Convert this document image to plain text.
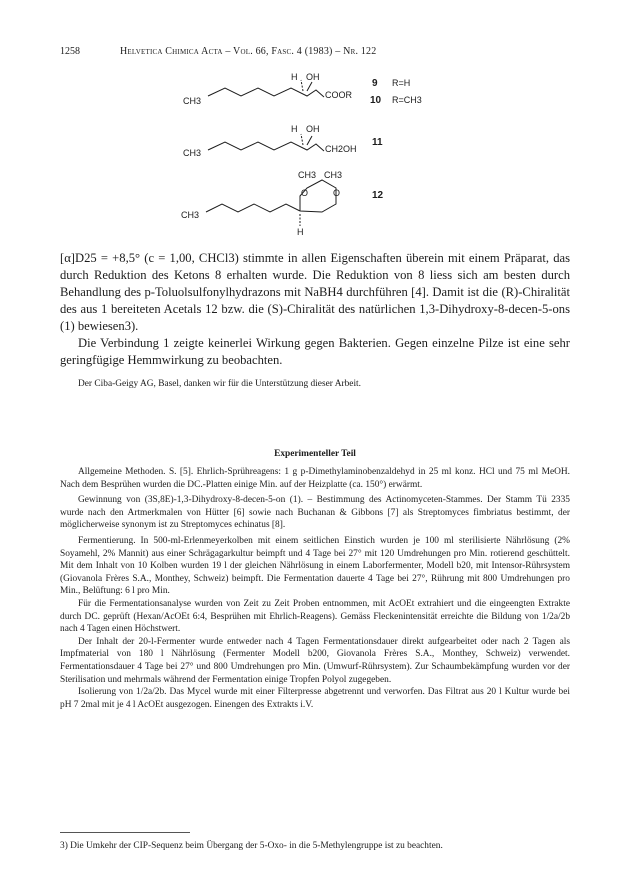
1258	Helvetica Chimica Acta – Vol. 66, Fasc. 4 (1983) – Nr. 122
CH3
H OH
COOR
9 R=H
10 R=CH3
CH3
H OH
CH2OH
11
CH3
CH3 CH3
O	O
H
12

[α]D25 = +8,5° (c = 1,00, CHCl3) stimmte in allen Eigenschaften überein mit einem Präparat, das durch Reduktion des Ketons 8 erhalten wurde. Die Reduktion von 8 liess sich am besten durch Behandlung des p-Toluolsulfonylhydrazons mit NaBH4 durchführen [4]. Damit ist die (R)-Chiralität des aus 1 bereiteten Acetals 12 bzw. die (S)-Chiralität des natürlichen 1,3-Dihydroxy-8-decen-5-ons (1) bewiesen3).

Die Verbindung 1 zeigte keinerlei Wirkung gegen Bakterien. Gegen einzelne Pilze ist eine sehr geringfügige Hemmwirkung zu beobachten.

Der Ciba-Geigy AG, Basel, danken wir für die Unterstützung dieser Arbeit.
Experimenteller Teil

Allgemeine Methoden. S. [5]. Ehrlich-Sprühreagens: 1 g p-Dimethylaminobenzaldehyd in 25 ml konz. HCl und 75 ml MeOH. Nach dem Besprühen wurden die DC.-Platten einige Min. auf der Heizplatte (ca. 150°) erwärmt.

Gewinnung von (3S,8E)-1,3-Dihydroxy-8-decen-5-on (1). – Bestimmung des Actinomyceten-Stammes. Der Stamm Tü 2335 wurde nach den Artmerkmalen von Hütter [6] sowie nach Buchanan & Gibbons [7] als Streptomyces fimbriatus bestimmt, der möglicherweise synonym ist zu Streptomyces echinatus [8].

Fermentierung. In 500-ml-Erlenmeyerkolben mit einem seitlichen Einstich wurden je 100 ml sterilisierte Nährlösung (2% Soyamehl, 2% Mannit) aus einer Schrägagarkultur beimpft und 4 Tage bei 27° mit 120 Umdrehungen pro Min. rotierend geschüttelt. Mit dem Inhalt von 10 Kolben wurden 19 l der gleichen Nährlösung in einem Laborfermenter, Modell b20, mit Intensor-Rührsystem (Giovanola Frères S.A., Monthey, Schweiz) beimpft. Die Fermentation dauerte 4 Tage bei 27°, Rührung mit 800 Umdrehungen pro Min., Belüftung: 6 l pro Min.

Für die Fermentationsanalyse wurden von Zeit zu Zeit Proben entnommen, mit AcOEt extrahiert und die eingeengten Extrakte durch DC. geprüft (Hexan/AcOEt 6:4, Besprühen mit Ehrlich-Reagens). Gemäss Fleckenintensität erreichte die Bildung von 1/2a/2b nach 4 Tagen einen Höchstwert.

Der Inhalt der 20-l-Fermenter wurde entweder nach 4 Tagen Fermentationsdauer direkt aufgearbeitet oder nach 2 Tagen als Impfmaterial von 180 l Nährlösung (Fermenter Modell b200, Giovanola Frères S.A., Monthey, Schweiz) verwendet. Fermentationsdauer 4 Tage bei 27° und 800 Umdrehungen pro Min. (Umwurf-Rührsystem). Zur Schaumbekämpfung wurden vor der Sterilisation und mehrmals während der Fermentation einige Tropfen Polyol zugegeben.

Isolierung von 1/2a/2b. Das Mycel wurde mit einer Filterpresse abgetrennt und verworfen. Das Filtrat aus 20 l Kultur wurde bei pH 7 2mal mit je 4 l AcOEt ausgezogen. Einengen des Extrakts i.V.

3) Die Umkehr der CIP-Sequenz beim Übergang der 5-Oxo- in die 5-Methylengruppe ist zu beachten.
